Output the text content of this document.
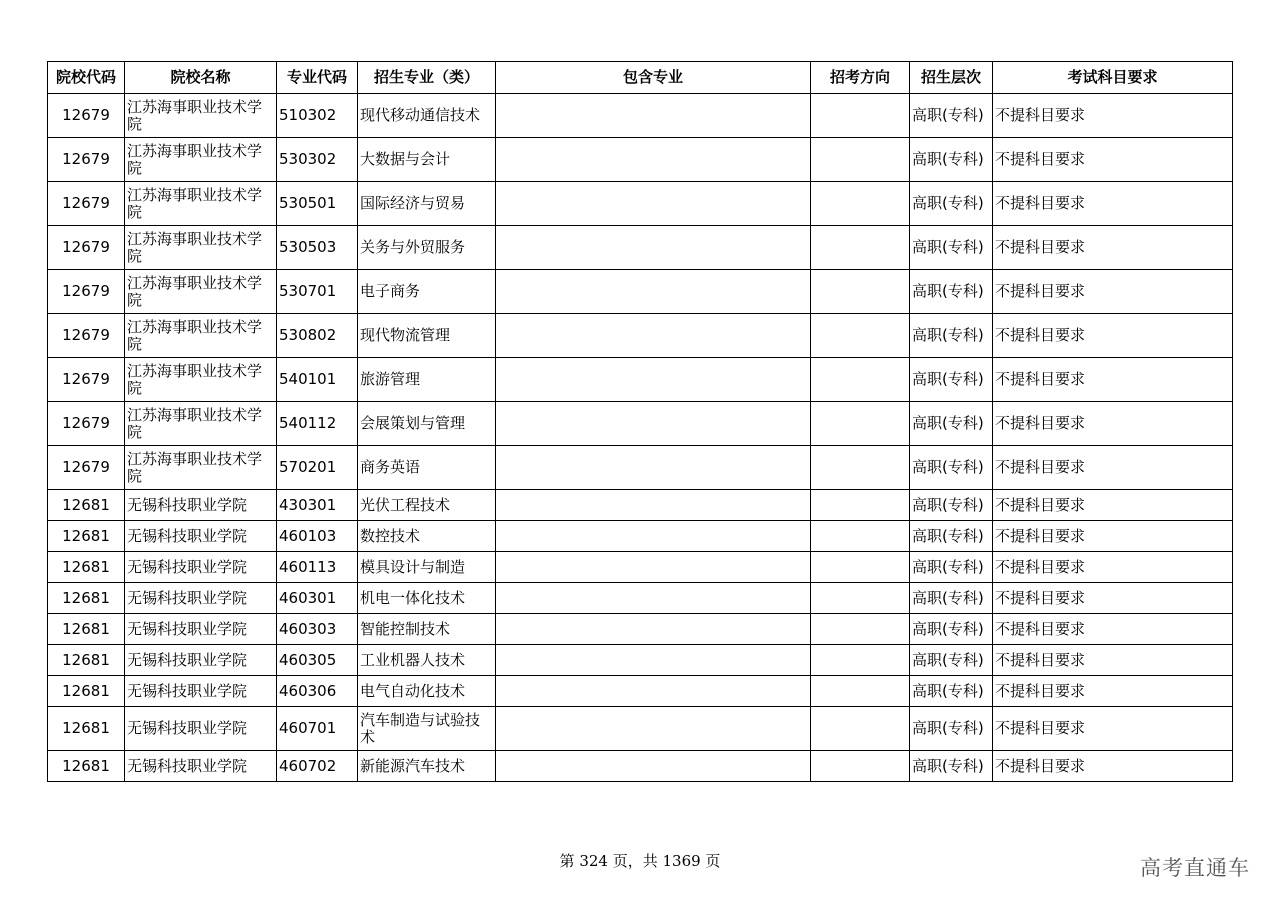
院校代码	院校名称	专业代码	招生专业（类）	包含专业	招考方向	招生层次	考试科目要求
12679	江苏海事职业技术学院	510302	现代移动通信技术			高职(专科)	不提科目要求
12679	江苏海事职业技术学院	530302	大数据与会计			高职(专科)	不提科目要求
12679	江苏海事职业技术学院	530501	国际经济与贸易			高职(专科)	不提科目要求
12679	江苏海事职业技术学院	530503	关务与外贸服务			高职(专科)	不提科目要求
12679	江苏海事职业技术学院	530701	电子商务			高职(专科)	不提科目要求
12679	江苏海事职业技术学院	530802	现代物流管理			高职(专科)	不提科目要求
12679	江苏海事职业技术学院	540101	旅游管理			高职(专科)	不提科目要求
12679	江苏海事职业技术学院	540112	会展策划与管理			高职(专科)	不提科目要求
12679	江苏海事职业技术学院	570201	商务英语			高职(专科)	不提科目要求
12681	无锡科技职业学院	430301	光伏工程技术			高职(专科)	不提科目要求
12681	无锡科技职业学院	460103	数控技术			高职(专科)	不提科目要求
12681	无锡科技职业学院	460113	模具设计与制造			高职(专科)	不提科目要求
12681	无锡科技职业学院	460301	机电一体化技术			高职(专科)	不提科目要求
12681	无锡科技职业学院	460303	智能控制技术			高职(专科)	不提科目要求
12681	无锡科技职业学院	460305	工业机器人技术			高职(专科)	不提科目要求
12681	无锡科技职业学院	460306	电气自动化技术			高职(专科)	不提科目要求
12681	无锡科技职业学院	460701	汽车制造与试验技术			高职(专科)	不提科目要求
12681	无锡科技职业学院	460702	新能源汽车技术			高职(专科)	不提科目要求
第 324 页，共 1369 页	高考直通车
